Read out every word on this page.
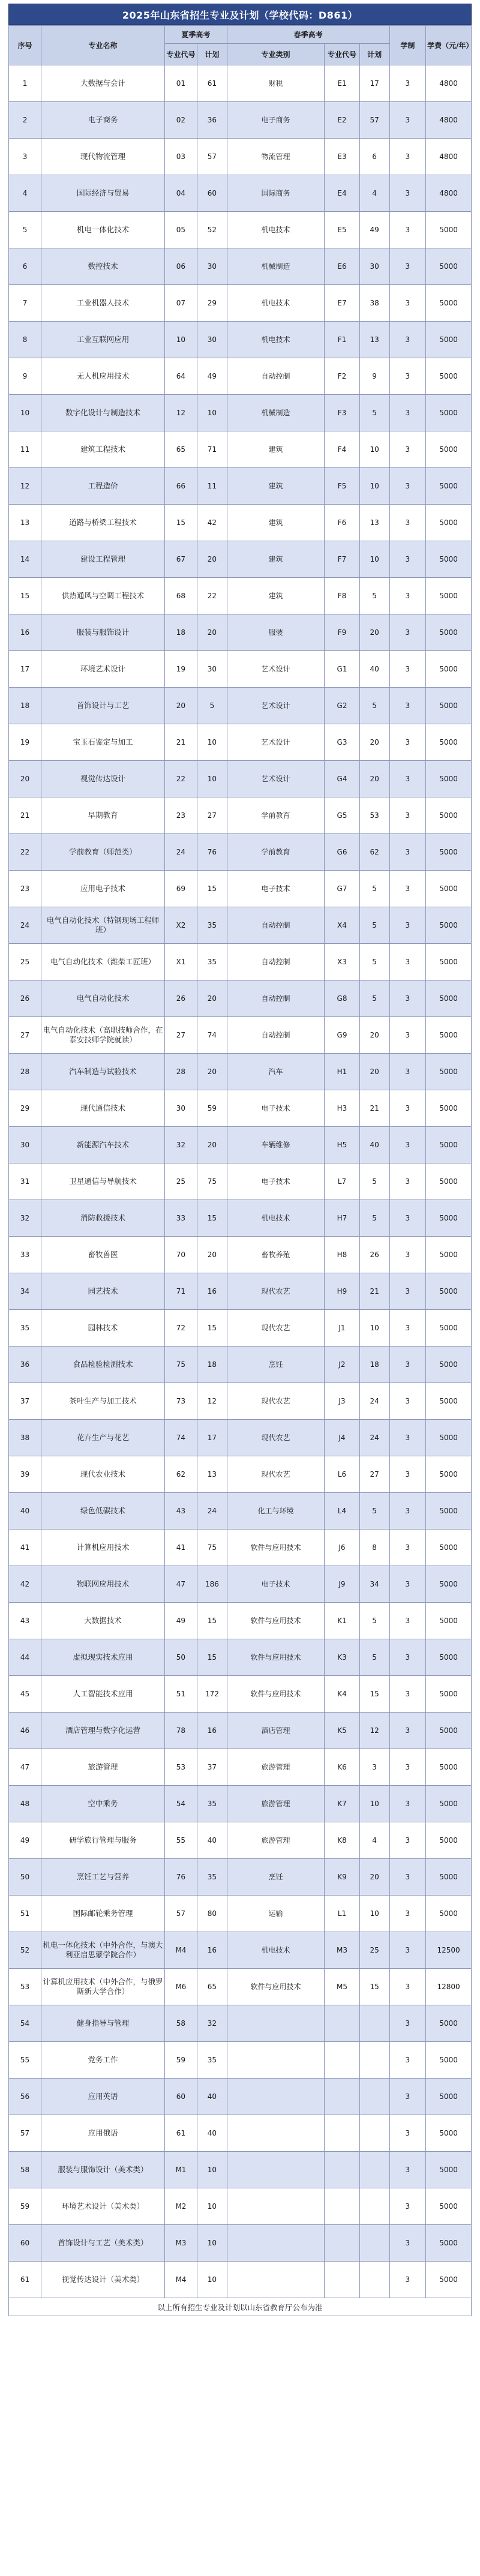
2025年山东省招生专业及计划（学校代码：D861）
序号	专业名称	夏季高考		春季高考			学制	学费（元/年）
		专业代号	计划	专业类别	专业代号	计划		
1	大数据与会计	01	61	财税	E1	17	3	4800
2	电子商务	02	36	电子商务	E2	57	3	4800
3	现代物流管理	03	57	物流管理	E3	6	3	4800
4	国际经济与贸易	04	60	国际商务	E4	4	3	4800
5	机电一体化技术	05	52	机电技术	E5	49	3	5000
6	数控技术	06	30	机械制造	E6	30	3	5000
7	工业机器人技术	07	29	机电技术	E7	38	3	5000
8	工业互联网应用	10	30	机电技术	F1	13	3	5000
9	无人机应用技术	64	49	自动控制	F2	9	3	5000
10	数字化设计与制造技术	12	10	机械制造	F3	5	3	5000
11	建筑工程技术	65	71	建筑	F4	10	3	5000
12	工程造价	66	11	建筑	F5	10	3	5000
13	道路与桥梁工程技术	15	42	建筑	F6	13	3	5000
14	建设工程管理	67	20	建筑	F7	10	3	5000
15	供热通风与空调工程技术	68	22	建筑	F8	5	3	5000
16	服装与服饰设计	18	20	服装	F9	20	3	5000
17	环境艺术设计	19	30	艺术设计	G1	40	3	5000
18	首饰设计与工艺	20	5	艺术设计	G2	5	3	5000
19	宝玉石鉴定与加工	21	10	艺术设计	G3	20	3	5000
20	视觉传达设计	22	10	艺术设计	G4	20	3	5000
21	早期教育	23	27	学前教育	G5	53	3	5000
22	学前教育（师范类）	24	76	学前教育	G6	62	3	5000
23	应用电子技术	69	15	电子技术	G7	5	3	5000
24	电气自动化技术（特钢现场工程师班）	X2	35	自动控制	X4	5	3	5000
25	电气自动化技术（潍柴工匠班）	X1	35	自动控制	X3	5	3	5000
26	电气自动化技术	26	20	自动控制	G8	5	3	5000
27	电气自动化技术（高职技师合作，在泰安技师学院就读）	27	74	自动控制	G9	20	3	5000
28	汽车制造与试验技术	28	20	汽车	H1	20	3	5000
29	现代通信技术	30	59	电子技术	H3	21	3	5000
30	新能源汽车技术	32	20	车辆维修	H5	40	3	5000
31	卫星通信与导航技术	25	75	电子技术	L7	5	3	5000
32	消防救援技术	33	15	机电技术	H7	5	3	5000
33	畜牧兽医	70	20	畜牧养殖	H8	26	3	5000
34	园艺技术	71	16	现代农艺	H9	21	3	5000
35	园林技术	72	15	现代农艺	J1	10	3	5000
36	食品检验检测技术	75	18	烹饪	J2	18	3	5000
37	茶叶生产与加工技术	73	12	现代农艺	J3	24	3	5000
38	花卉生产与花艺	74	17	现代农艺	J4	24	3	5000
39	现代农业技术	62	13	现代农艺	L6	27	3	5000
40	绿色低碳技术	43	24	化工与环境	L4	5	3	5000
41	计算机应用技术	41	75	软件与应用技术	J6	8	3	5000
42	物联网应用技术	47	186	电子技术	J9	34	3	5000
43	大数据技术	49	15	软件与应用技术	K1	5	3	5000
44	虚拟现实技术应用	50	15	软件与应用技术	K3	5	3	5000
45	人工智能技术应用	51	172	软件与应用技术	K4	15	3	5000
46	酒店管理与数字化运营	78	16	酒店管理	K5	12	3	5000
47	旅游管理	53	37	旅游管理	K6	3	3	5000
48	空中乘务	54	35	旅游管理	K7	10	3	5000
49	研学旅行管理与服务	55	40	旅游管理	K8	4	3	5000
50	烹饪工艺与营养	76	35	烹饪	K9	20	3	5000
51	国际邮轮乘务管理	57	80	运输	L1	10	3	5000
52	机电一体化技术（中外合作，与澳大利亚启思蒙学院合作）	M4	16	机电技术	M3	25	3	12500
53	计算机应用技术（中外合作，与俄罗斯新大学合作）	M6	65	软件与应用技术	M5	15	3	12800
54	健身指导与管理	58	32				3	5000
55	党务工作	59	35				3	5000
56	应用英语	60	40				3	5000
57	应用俄语	61	40				3	5000
58	服装与服饰设计（美术类）	M1	10				3	5000
59	环境艺术设计（美术类）	M2	10				3	5000
60	首饰设计与工艺（美术类）	M3	10				3	5000
61	视觉传达设计（美术类）	M4	10				3	5000
以上所有招生专业及计划以山东省教育厅公布为准
